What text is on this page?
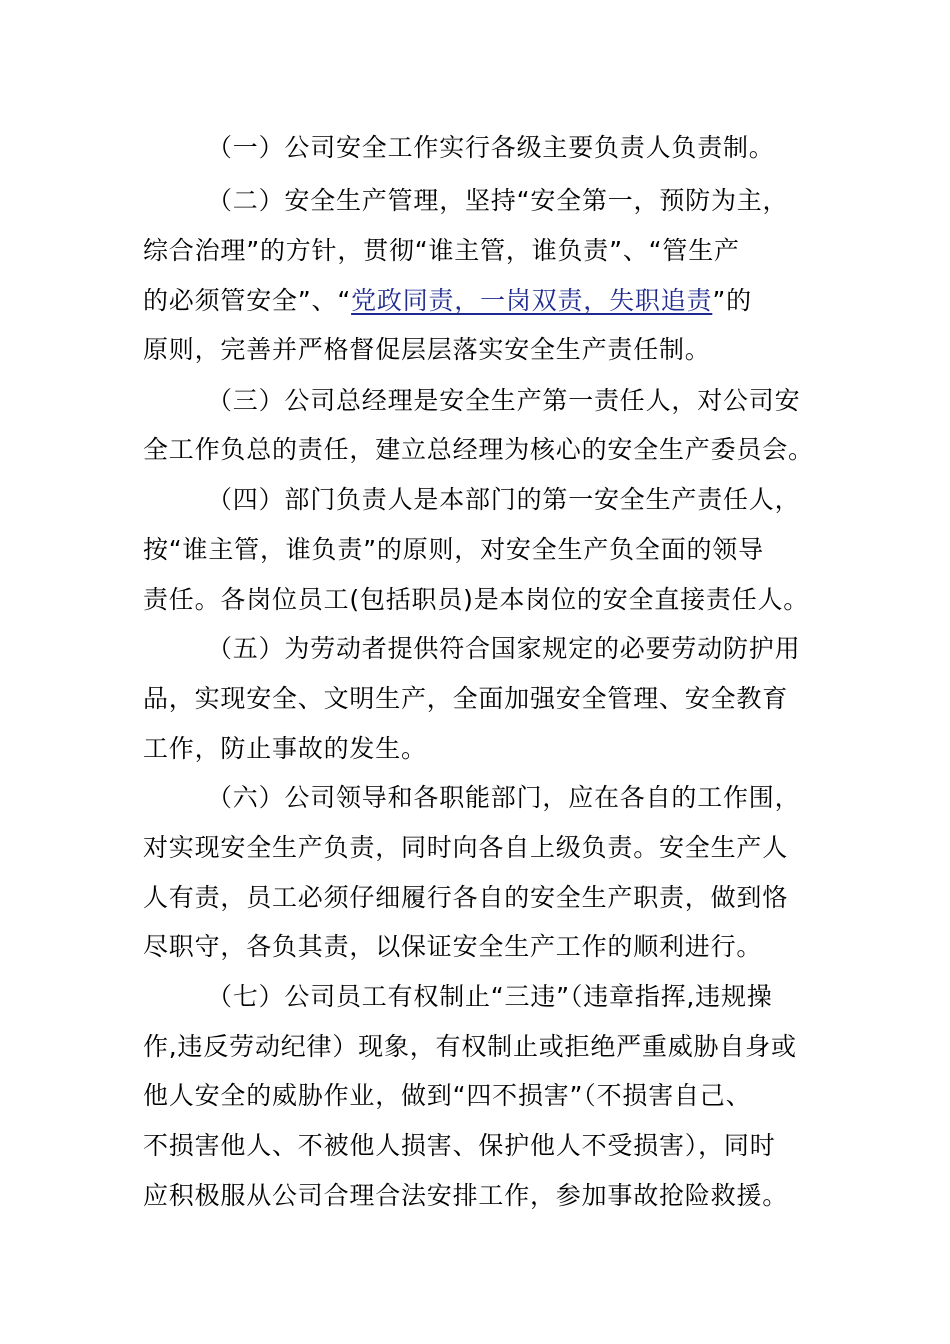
（一）公司安全工作实行各级主要负责人负责制。
（二）安全生产管理，坚持“安全第一，预防为主，
综合治理”的方针，贯彻“谁主管，谁负责”、“管生产
的必须管安全”、“党政同责，一岗双责，失职追责”的
原则，完善并严格督促层层落实安全生产责任制。
（三）公司总经理是安全生产第一责任人，对公司安
全工作负总的责任，建立总经理为核心的安全生产委员会。
（四）部门负责人是本部门的第一安全生产责任人，
按“谁主管，谁负责”的原则，对安全生产负全面的领导
责任。各岗位员工(包括职员)是本岗位的安全直接责任人。
（五）为劳动者提供符合国家规定的必要劳动防护用
品，实现安全、文明生产，全面加强安全管理、安全教育
工作，防止事故的发生。
（六）公司领导和各职能部门，应在各自的工作围，
对实现安全生产负责，同时向各自上级负责。安全生产人
人有责，员工必须仔细履行各自的安全生产职责，做到恪
尽职守，各负其责，以保证安全生产工作的顺利进行。
（七）公司员工有权制止“三违”（违章指挥,违规操
作,违反劳动纪律）现象，有权制止或拒绝严重威胁自身或
他人安全的威胁作业，做到“四不损害”（不损害自己、
不损害他人、不被他人损害、保护他人不受损害），同时
应积极服从公司合理合法安排工作，参加事故抢险救援。
